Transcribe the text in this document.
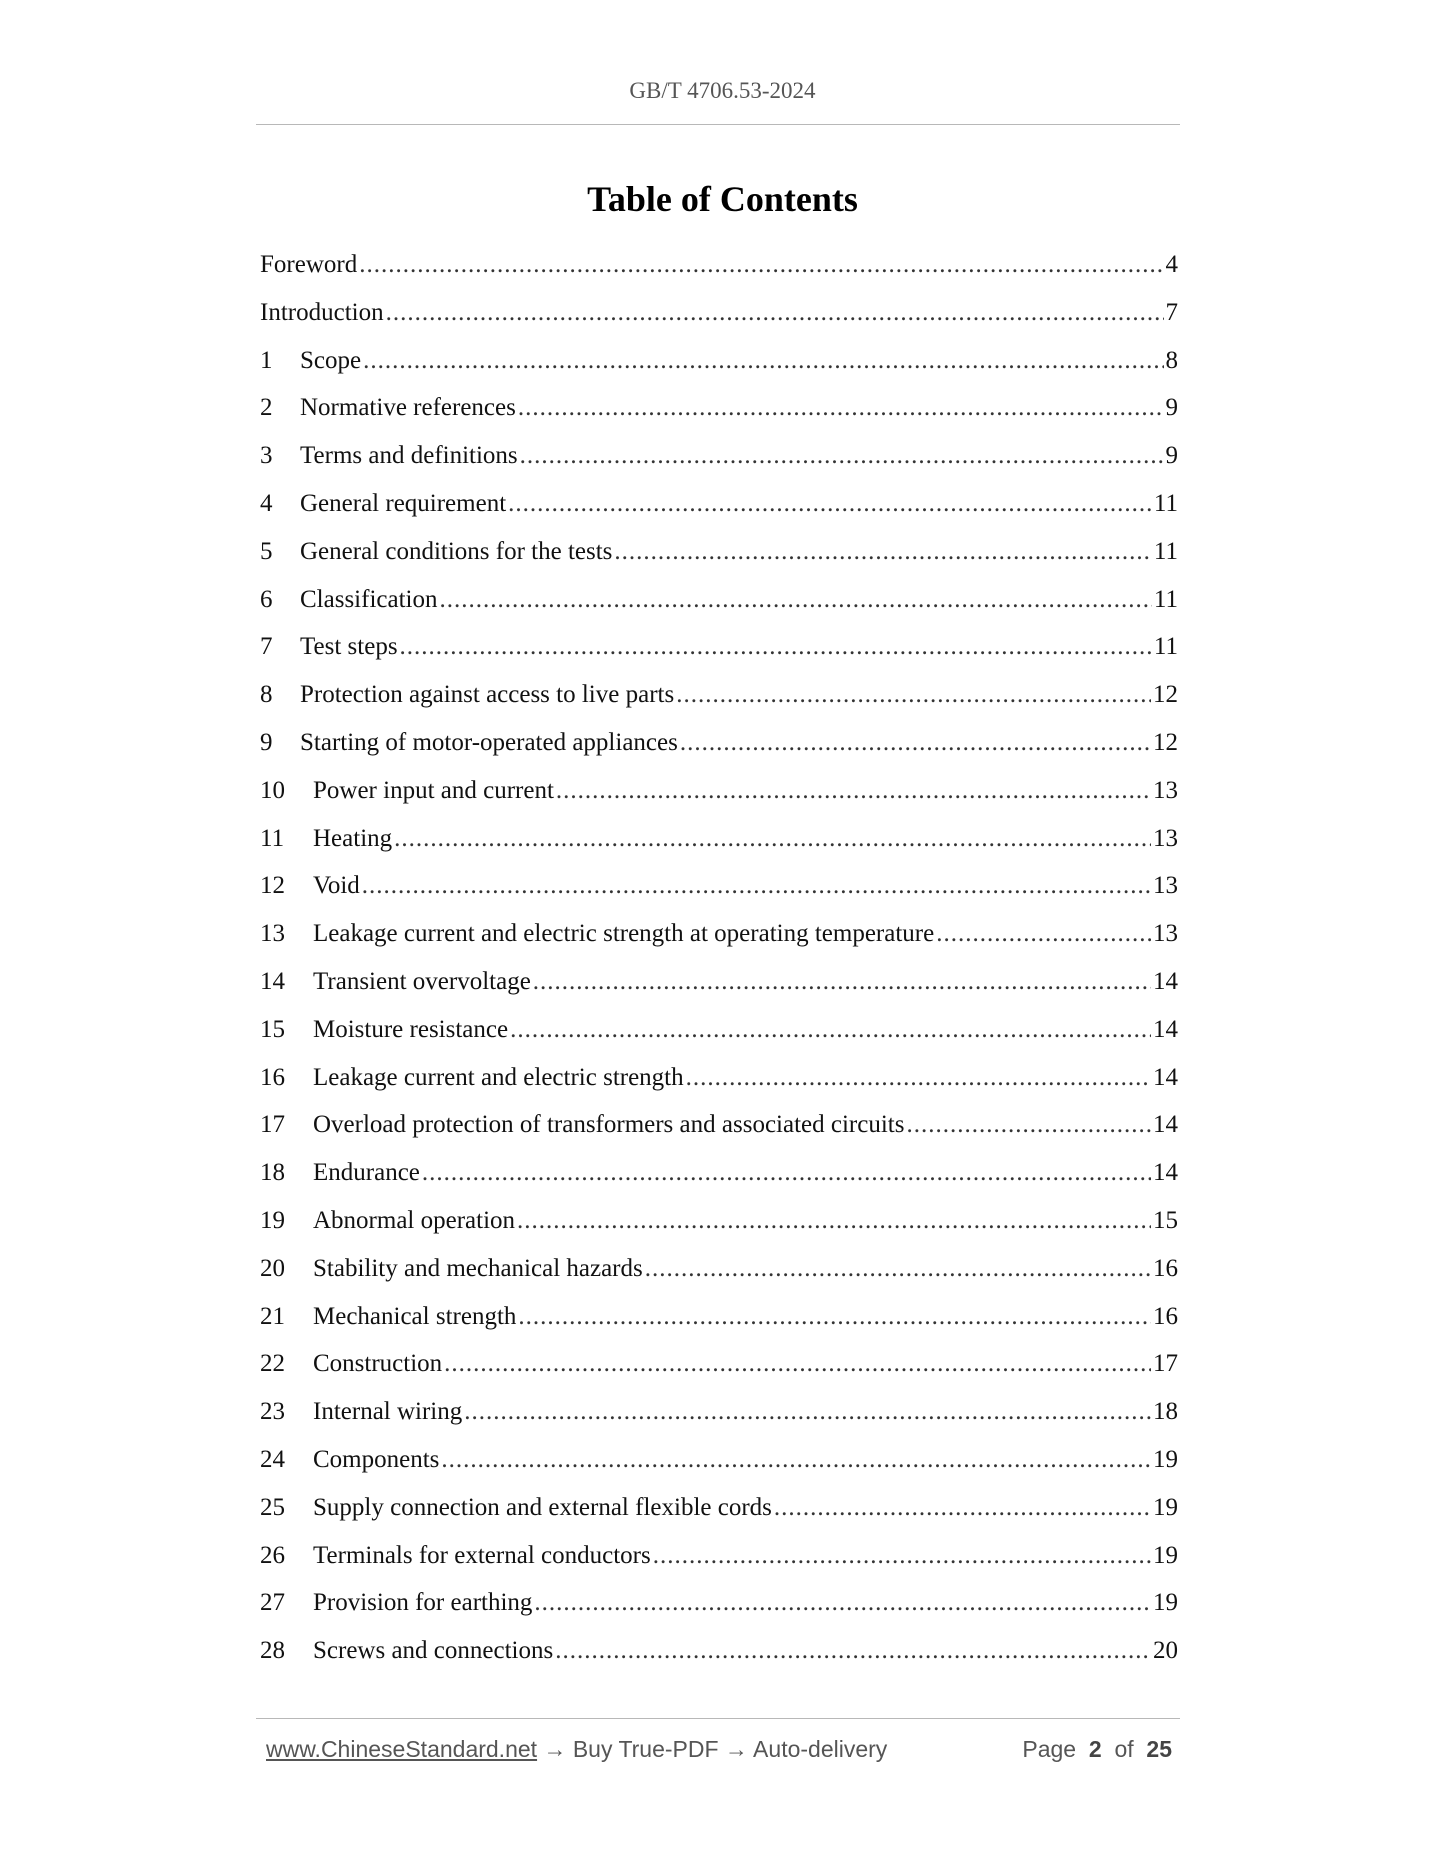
GB/T 4706.53-2024
Table of Contents
Foreword .....	4
Introduction .....	7
1	Scope .....	8
2	Normative references .....	9
3	Terms and definitions .....	9
4	General requirement .....	11
5	General conditions for the tests .....	11
6	Classification .....	11
7	Test steps .....	11
8	Protection against access to live parts .....	12
9	Starting of motor-operated appliances .....	12
10	Power input and current .....	13
11	Heating .....	13
12	Void .....	13
13	Leakage current and electric strength at operating temperature .....	13
14	Transient overvoltage .....	14
15	Moisture resistance .....	14
16	Leakage current and electric strength .....	14
17	Overload protection of transformers and associated circuits .....	14
18	Endurance .....	14
19	Abnormal operation .....	15
20	Stability and mechanical hazards .....	16
21	Mechanical strength .....	16
22	Construction .....	17
23	Internal wiring .....	18
24	Components .....	19
25	Supply connection and external flexible cords .....	19
26	Terminals for external conductors .....	19
27	Provision for earthing .....	19
28	Screws and connections .....	20
www.ChineseStandard.net → Buy True-PDF → Auto-delivery	Page 2 of 25
